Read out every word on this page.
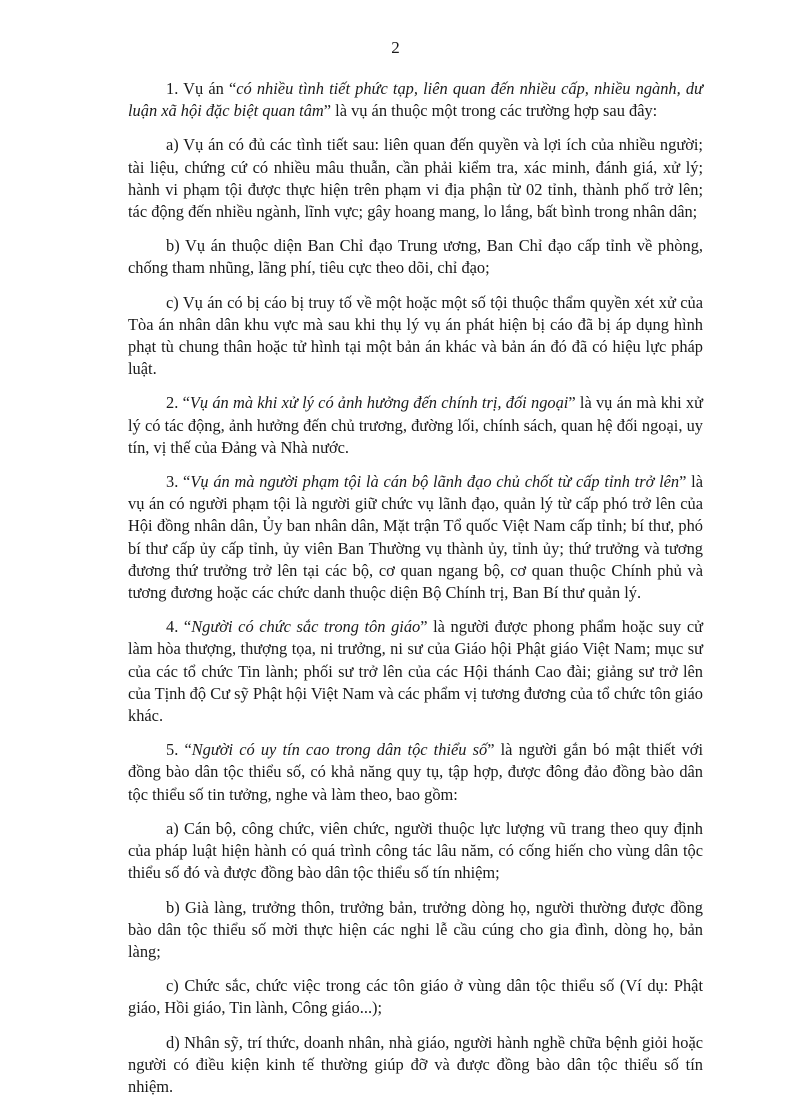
2

1. Vụ án “có nhiều tình tiết phức tạp, liên quan đến nhiều cấp, nhiều ngành, dư luận xã hội đặc biệt quan tâm” là vụ án thuộc một trong các trường hợp sau đây:

a) Vụ án có đủ các tình tiết sau: liên quan đến quyền và lợi ích của nhiều người; tài liệu, chứng cứ có nhiều mâu thuẫn, cần phải kiểm tra, xác minh, đánh giá, xử lý; hành vi phạm tội được thực hiện trên phạm vi địa phận từ 02 tỉnh, thành phố trở lên; tác động đến nhiều ngành, lĩnh vực; gây hoang mang, lo lắng, bất bình trong nhân dân;

b) Vụ án thuộc diện Ban Chỉ đạo Trung ương, Ban Chỉ đạo cấp tỉnh về phòng, chống tham nhũng, lãng phí, tiêu cực theo dõi, chỉ đạo;

c) Vụ án có bị cáo bị truy tố về một hoặc một số tội thuộc thẩm quyền xét xử của Tòa án nhân dân khu vực mà sau khi thụ lý vụ án phát hiện bị cáo đã bị áp dụng hình phạt tù chung thân hoặc tử hình tại một bản án khác và bản án đó đã có hiệu lực pháp luật.

2. “Vụ án mà khi xử lý có ảnh hưởng đến chính trị, đối ngoại” là vụ án mà khi xử lý có tác động, ảnh hưởng đến chủ trương, đường lối, chính sách, quan hệ đối ngoại, uy tín, vị thế của Đảng và Nhà nước.

3. “Vụ án mà người phạm tội là cán bộ lãnh đạo chủ chốt từ cấp tỉnh trở lên” là vụ án có người phạm tội là người giữ chức vụ lãnh đạo, quản lý từ cấp phó trở lên của Hội đồng nhân dân, Ủy ban nhân dân, Mặt trận Tổ quốc Việt Nam cấp tỉnh; bí thư, phó bí thư cấp ủy cấp tỉnh, ủy viên Ban Thường vụ thành ủy, tỉnh ủy; thứ trưởng và tương đương thứ trưởng trở lên tại các bộ, cơ quan ngang bộ, cơ quan thuộc Chính phủ và tương đương hoặc các chức danh thuộc diện Bộ Chính trị, Ban Bí thư quản lý.

4. “Người có chức sắc trong tôn giáo” là người được phong phẩm hoặc suy cử làm hòa thượng, thượng tọa, ni trưởng, ni sư của Giáo hội Phật giáo Việt Nam; mục sư của các tổ chức Tin lành; phối sư trở lên của các Hội thánh Cao đài; giảng sư trở lên của Tịnh độ Cư sỹ Phật hội Việt Nam và các phẩm vị tương đương của tổ chức tôn giáo khác.

5. “Người có uy tín cao trong dân tộc thiểu số” là người gắn bó mật thiết với đồng bào dân tộc thiểu số, có khả năng quy tụ, tập hợp, được đông đảo đồng bào dân tộc thiểu số tin tưởng, nghe và làm theo, bao gồm:

a) Cán bộ, công chức, viên chức, người thuộc lực lượng vũ trang theo quy định của pháp luật hiện hành có quá trình công tác lâu năm, có cống hiến cho vùng dân tộc thiểu số đó và được đồng bào dân tộc thiểu số tín nhiệm;

b) Già làng, trưởng thôn, trưởng bản, trưởng dòng họ, người thường được đồng bào dân tộc thiểu số mời thực hiện các nghi lễ cầu cúng cho gia đình, dòng họ, bản làng;

c) Chức sắc, chức việc trong các tôn giáo ở vùng dân tộc thiểu số (Ví dụ: Phật giáo, Hồi giáo, Tin lành, Công giáo...);

d) Nhân sỹ, trí thức, doanh nhân, nhà giáo, người hành nghề chữa bệnh giỏi hoặc người có điều kiện kinh tế thường giúp đỡ và được đồng bào dân tộc thiểu số tín nhiệm.
